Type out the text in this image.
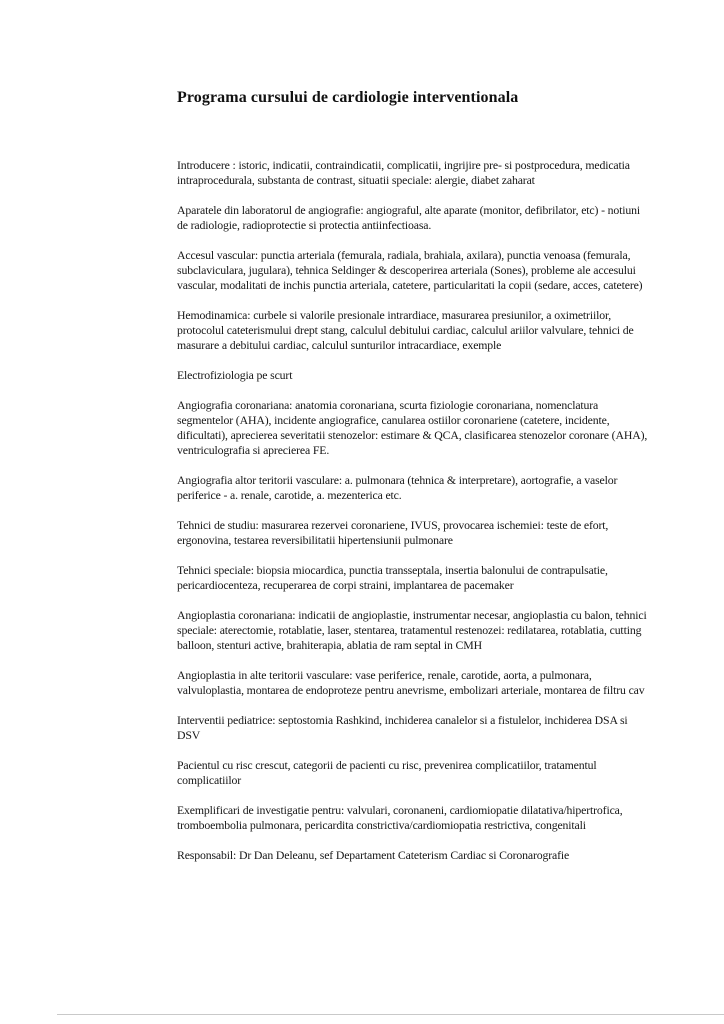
Programa cursului de cardiologie interventionala

Introducere : istoric, indicatii, contraindicatii, complicatii, ingrijire pre- si postprocedura, medicatia intraprocedurala, substanta de contrast, situatii speciale: alergie, diabet zaharat

Aparatele din laboratorul de angiografie: angiograful, alte aparate (monitor, defibrilator, etc) - notiuni de radiologie, radioprotectie si protectia antiinfectioasa.

Accesul vascular: punctia arteriala (femurala, radiala, brahiala, axilara), punctia venoasa (femurala, subclaviculara, jugulara), tehnica Seldinger & descoperirea arteriala (Sones), probleme ale accesului vascular, modalitati de inchis punctia arteriala, catetere, particularitati la copii (sedare, acces, catetere)

Hemodinamica: curbele si valorile presionale intrardiace, masurarea presiunilor, a oximetriilor, protocolul cateterismului drept stang, calculul debitului cardiac, calculul ariilor valvulare, tehnici de masurare a debitului cardiac, calculul sunturilor intracardiace, exemple

Electrofiziologia pe scurt

Angiografia coronariana: anatomia coronariana, scurta fiziologie coronariana, nomenclatura segmentelor (AHA), incidente angiografice, canularea ostiilor coronariene (catetere, incidente, dificultati), aprecierea severitatii stenozelor: estimare & QCA, clasificarea stenozelor coronare (AHA), ventriculografia si aprecierea FE.

Angiografia altor teritorii vasculare: a. pulmonara (tehnica & interpretare), aortografie, a vaselor periferice - a. renale, carotide, a. mezenterica etc.

Tehnici de studiu: masurarea rezervei coronariene, IVUS, provocarea ischemiei: teste de efort, ergonovina, testarea reversibilitatii hipertensiunii pulmonare

Tehnici speciale: biopsia miocardica, punctia transseptala, insertia balonului de contrapulsatie, pericardiocenteza, recuperarea de corpi straini, implantarea de pacemaker

Angioplastia coronariana: indicatii de angioplastie, instrumentar necesar, angioplastia cu balon, tehnici speciale: aterectomie, rotablatie, laser, stentarea, tratamentul restenozei: redilatarea, rotablatia, cutting balloon, stenturi active, brahiterapia, ablatia de ram septal in CMH

Angioplastia in alte teritorii vasculare: vase periferice, renale, carotide, aorta, a pulmonara, valvuloplastia, montarea de endoproteze pentru anevrisme, embolizari arteriale, montarea de filtru cav

Interventii pediatrice: septostomia Rashkind, inchiderea canalelor si a fistulelor, inchiderea DSA si DSV

Pacientul cu risc crescut, categorii de pacienti cu risc, prevenirea complicatiilor, tratamentul complicatiilor

Exemplificari de investigatie pentru: valvulari, coronaneni, cardiomiopatie dilatativa/hipertrofica, tromboembolia pulmonara, pericardita constrictiva/cardiomiopatia restrictiva, congenitali

Responsabil: Dr Dan Deleanu, sef Departament Cateterism Cardiac si Coronarografie
